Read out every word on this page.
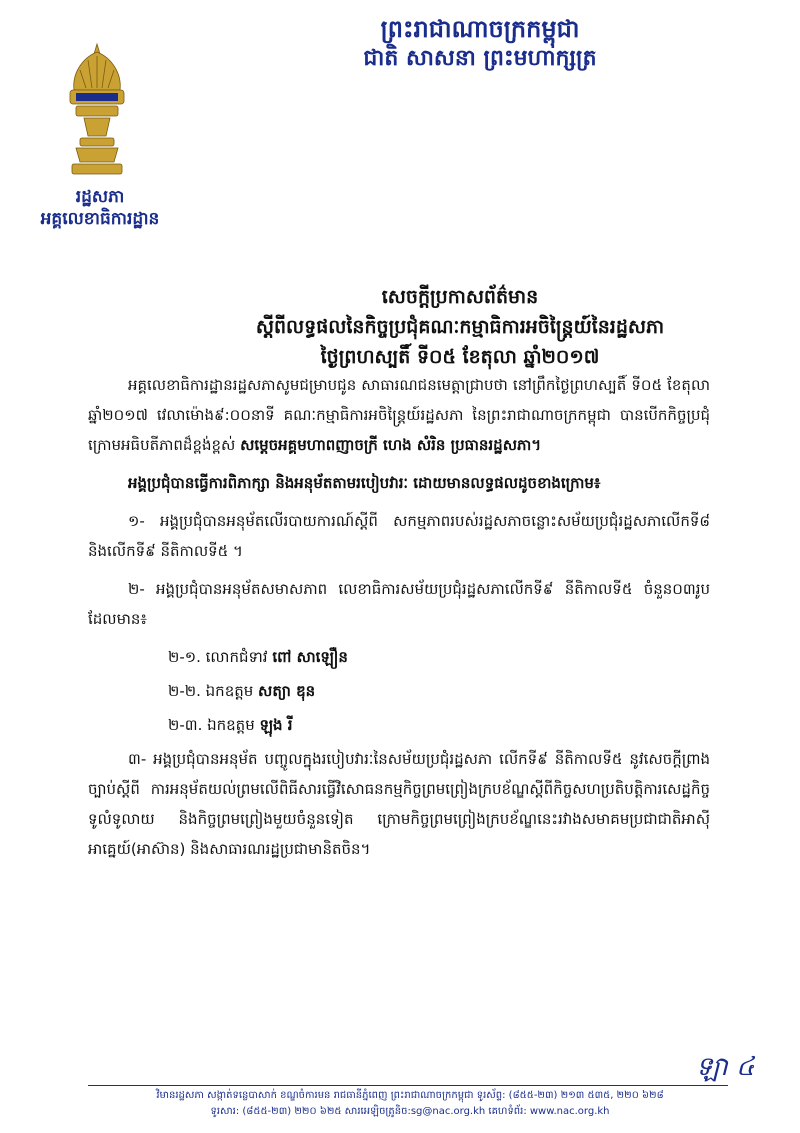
ព្រះរាជាណាចក្រកម្ពុជា
ជាតិ សាសនា ព្រះមហាក្សត្រ
រដ្ឋសភា
អគ្គលេខាធិការដ្ឋាន
សេចក្ដីប្រកាសព័ត៌មាន
ស្ដីពីលទ្ធផលនៃកិច្ចប្រជុំគណៈកម្មាធិការអចិន្ត្រៃយ៍នៃរដ្ឋសភា
ថ្ងៃព្រហស្បតិ៍ ទី០៥ ខែតុលា ឆ្នាំ២០១៧

អគ្គលេខាធិការដ្ឋានរដ្ឋសភាសូមជម្រាបជូន សាធារណជនមេត្តាជ្រាបថា នៅព្រឹកថ្ងៃព្រហស្បតិ៍ ទី០៥ ខែតុលា ឆ្នាំ២០១៧ វេលាម៉ោង៩:០០នាទី គណៈកម្មាធិការអចិន្ត្រៃយ៍រដ្ឋសភា នៃព្រះរាជាណាចក្រកម្ពុជា បានបើកកិច្ចប្រជុំក្រោមអធិបតីភាពដ៏ខ្ពង់ខ្ពស់ សម្ដេចអគ្គមហាពញាចក្រី ហេង សំរិន ប្រធានរដ្ឋសភា។

អង្គប្រជុំបានធ្វើការពិភាក្សា និងអនុម័តតាមរបៀបវារៈ ដោយមានលទ្ធផលដូចខាងក្រោម៖

១- អង្គប្រជុំបានអនុម័តលើរបាយការណ៍ស្ដីពី សកម្មភាពរបស់រដ្ឋសភាចន្លោះសម័យប្រជុំរដ្ឋសភាលើកទី៨ និងលើកទី៩ នីតិកាលទី៥ ។

២- អង្គប្រជុំបានអនុម័តសមាសភាព លេខាធិការសម័យប្រជុំរដ្ឋសភាលើកទី៩ នីតិកាលទី៥ ចំនួន០៣រូប ដែលមាន៖

២-១. លោកជំទាវ ពៅ សាឡឿន
២-២. ឯកឧត្ដម សត្យា ឌុន
២-៣. ឯកឧត្ដម ឡុង រី

៣- អង្គប្រជុំបានអនុម័ត បញ្ចូលក្នុងរបៀបវារៈនៃសម័យប្រជុំរដ្ឋសភា លើកទី៩ នីតិកាលទី៥ នូវសេចក្ដីព្រាងច្បាប់ស្ដីពី ការអនុម័តយល់ព្រមលើពិធីសារធ្វើវិសោធនកម្មកិច្ចព្រមព្រៀងក្របខ័ណ្ឌស្ដីពីកិច្ចសហប្រតិបត្តិការសេដ្ឋកិច្ចទូលំទូលាយ និងកិច្ចព្រមព្រៀងមួយចំនួនទៀត ក្រោមកិច្ចព្រមព្រៀងក្របខ័ណ្ឌនេះរវាងសមាគមប្រជាជាតិអាស៊ីអាគ្នេយ៍(អាស៊ាន) និងសាធារណរដ្ឋប្រជាមានិតចិន។

ឡា ៤
វិមានរដ្ឋសភា សង្កាត់ទន្លេបាសាក់ ខណ្ឌចំការមន រាជធានីភ្នំពេញ ព្រះរាជាណាចក្រកម្ពុជា ទូរស័ព្ទ: (៨៥៥-២៣) ២១៣ ៥៣៥, ២២០ ៦២៨
ទូរសារ: (៨៥៥-២៣) ២២០ ៦២៥ សារអេឡិចត្រូនិច:sg@nac.org.kh គេហទំព័រ: www.nac.org.kh
